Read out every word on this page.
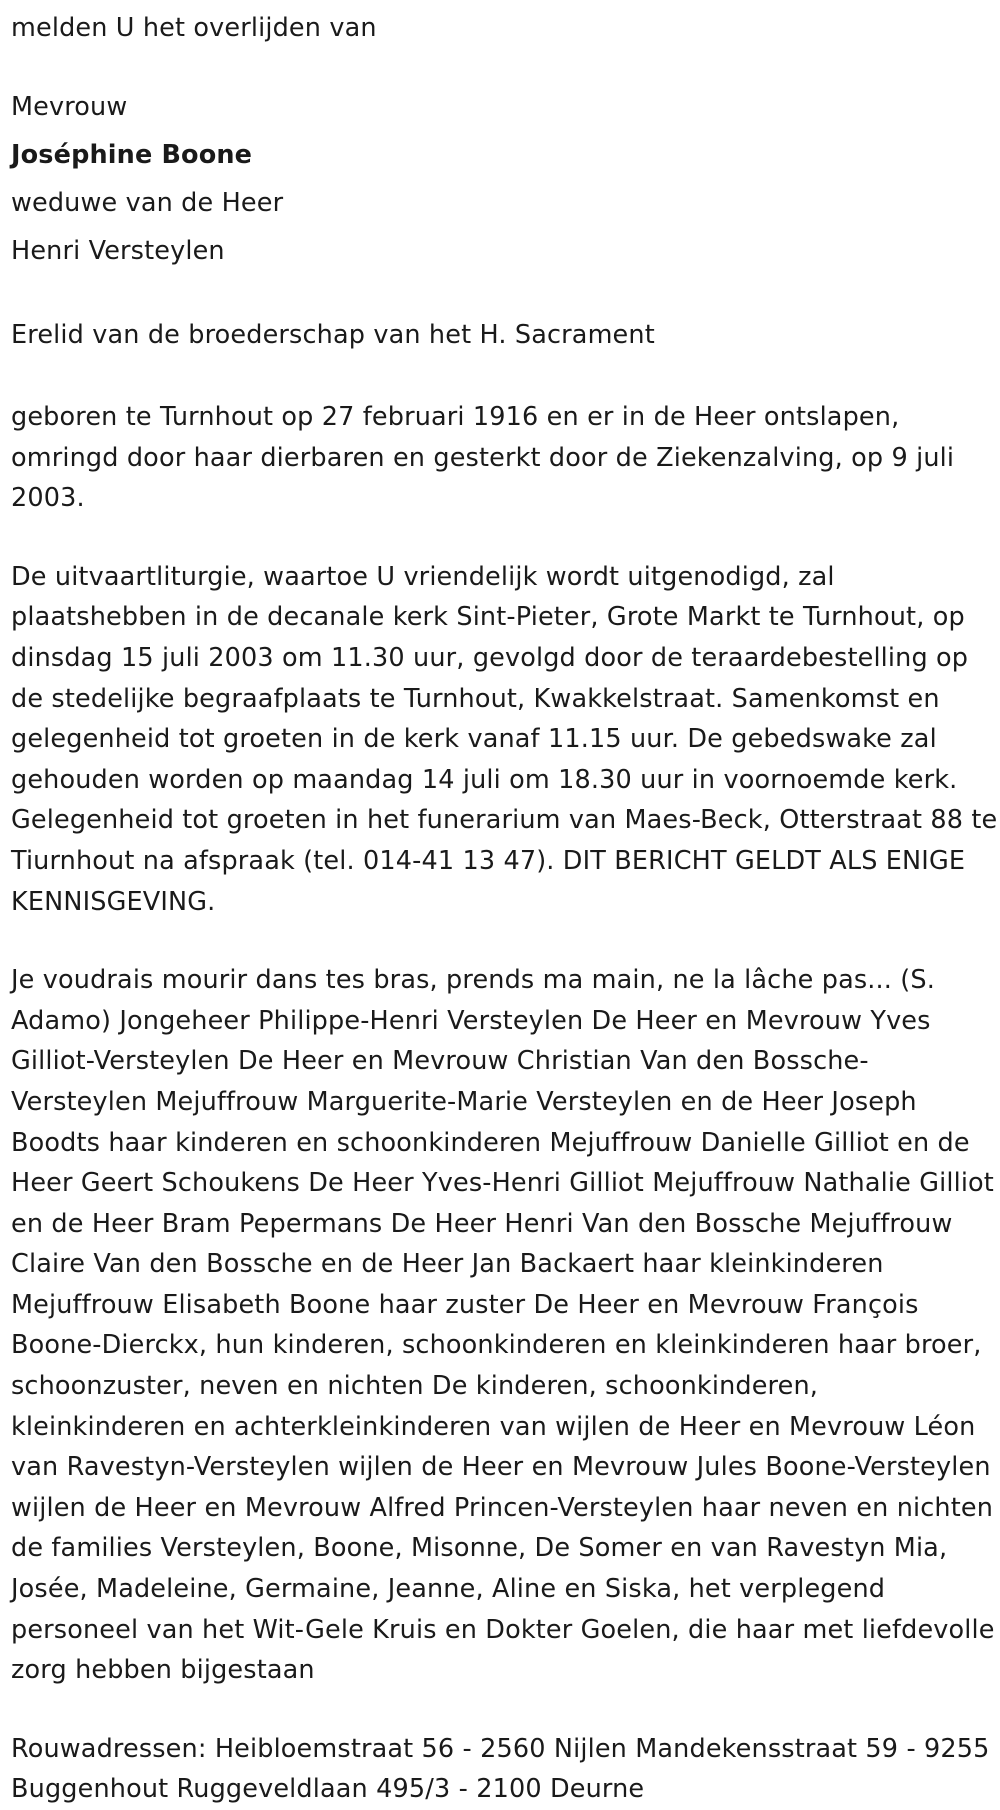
melden U het overlijden van

Mevrouw

Joséphine Boone

weduwe van de Heer

Henri Versteylen

Erelid van de broederschap van het H. Sacrament

geboren te Turnhout op 27 februari 1916 en er in de Heer ontslapen, omringd door haar dierbaren en gesterkt door de Ziekenzalving, op 9 juli 2003.

De uitvaartliturgie, waartoe U vriendelijk wordt uitgenodigd, zal plaatshebben in de decanale kerk Sint-Pieter, Grote Markt te Turnhout, op dinsdag 15 juli 2003 om 11.30 uur, gevolgd door de teraardebestelling op de stedelijke begraafplaats te Turnhout, Kwakkelstraat. Samenkomst en gelegenheid tot groeten in de kerk vanaf 11.15 uur. De gebedswake zal gehouden worden op maandag 14 juli om 18.30 uur in voornoemde kerk. Gelegenheid tot groeten in het funerarium van Maes-Beck, Otterstraat 88 te Tiurnhout na afspraak (tel. 014-41 13 47). DIT BERICHT GELDT ALS ENIGE KENNISGEVING.

Je voudrais mourir dans tes bras, prends ma main, ne la lâche pas... (S. Adamo) Jongeheer Philippe-Henri Versteylen De Heer en Mevrouw Yves Gilliot-Versteylen De Heer en Mevrouw Christian Van den Bossche-Versteylen Mejuffrouw Marguerite-Marie Versteylen en de Heer Joseph Boodts haar kinderen en schoonkinderen Mejuffrouw Danielle Gilliot en de Heer Geert Schoukens De Heer Yves-Henri Gilliot Mejuffrouw Nathalie Gilliot en de Heer Bram Pepermans De Heer Henri Van den Bossche Mejuffrouw Claire Van den Bossche en de Heer Jan Backaert haar kleinkinderen Mejuffrouw Elisabeth Boone haar zuster De Heer en Mevrouw François Boone-Dierckx, hun kinderen, schoonkinderen en kleinkinderen haar broer, schoonzuster, neven en nichten De kinderen, schoonkinderen, kleinkinderen en achterkleinkinderen van wijlen de Heer en Mevrouw Léon van Ravestyn-Versteylen wijlen de Heer en Mevrouw Jules Boone-Versteylen wijlen de Heer en Mevrouw Alfred Princen-Versteylen haar neven en nichten de families Versteylen, Boone, Misonne, De Somer en van Ravestyn Mia, Josée, Madeleine, Germaine, Jeanne, Aline en Siska, het verplegend personeel van het Wit-Gele Kruis en Dokter Goelen, die haar met liefdevolle zorg hebben bijgestaan

Rouwadressen: Heibloemstraat 56 - 2560 Nijlen Mandekensstraat 59 - 9255 Buggenhout Ruggeveldlaan 495/3 - 2100 Deurne
